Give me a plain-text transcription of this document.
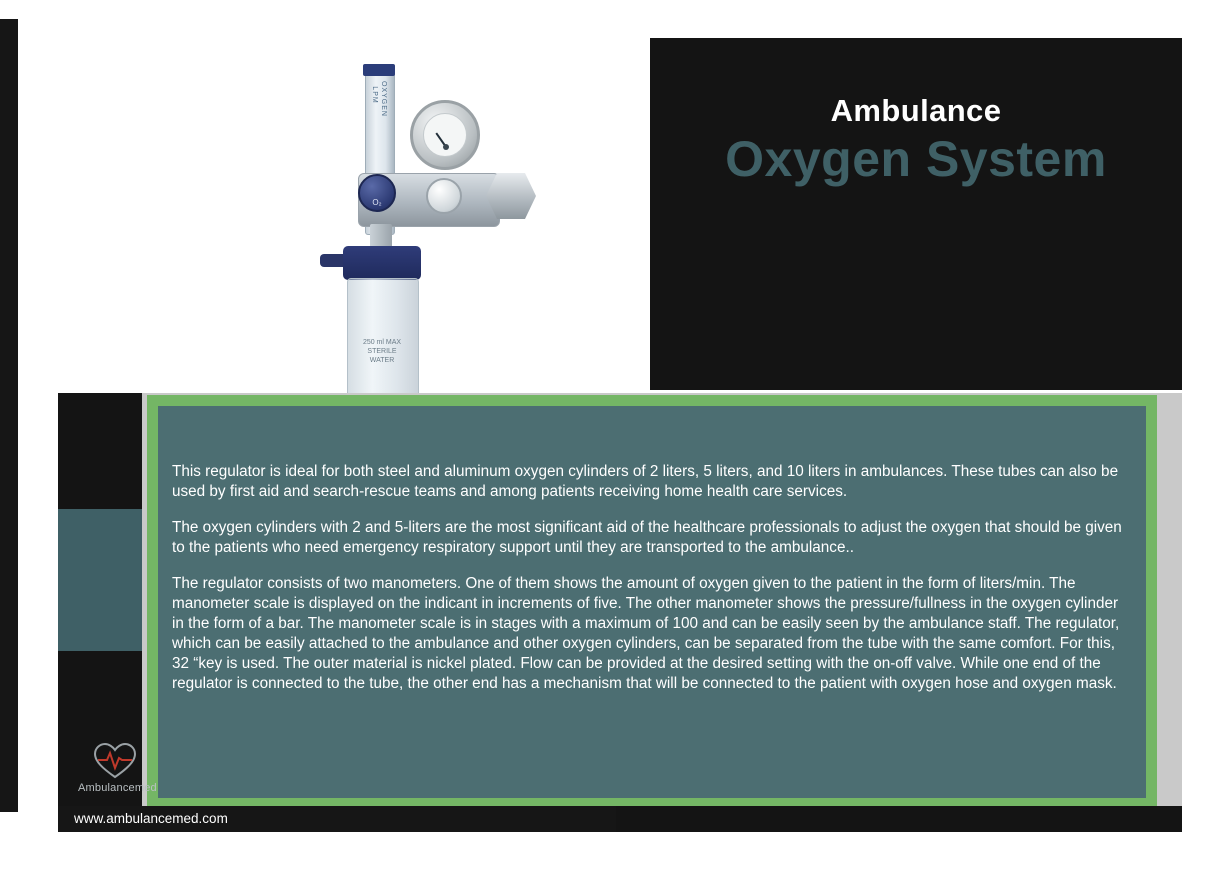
OXYGEN LPM
O₂
250 ml MAX STERILE WATER
Ambulance
Oxygen System

This regulator is ideal for both steel and aluminum oxygen cylinders of 2 liters, 5 liters, and 10 liters in ambulances. These tubes can also be used by first aid and search-rescue teams and among patients receiving home health care services.

The oxygen cylinders with 2 and 5-liters are the most significant aid of the healthcare professionals to adjust the oxygen that should be given to the patients who need emergency respiratory support until they are transported to the ambulance..

The regulator consists of two manometers. One of them shows the amount of oxygen given to the patient in the form of liters/min. The manometer scale is displayed on the indicant in increments of five. The other manometer shows the pressure/fullness in the oxygen cylinder in the form of a bar. The manometer scale is in stages with a maximum of 100 and can be easily seen by the ambulance staff. The regulator, which can be easily attached to the ambulance and other oxygen cylinders, can be separated from the tube with the same comfort. For this, 32 “key is used. The outer material is nickel plated. Flow can be provided at the desired setting with the on-off valve. While one end of the regulator is connected to the tube, the other end has a mechanism that will be connected to the patient with oxygen hose and oxygen mask.

Ambulancemed
www.ambulancemed.com
